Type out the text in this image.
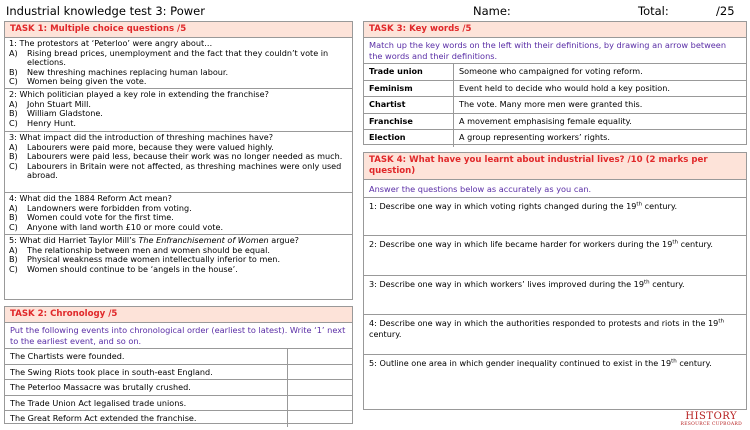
Industrial knowledge test 3: Power	Name:	Total:	/25
TASK 1: Multiple choice questions /5
1: The protestors at ‘Peterloo’ were angry about…
A)	Rising bread prices, unemployment and the fact that they couldn’t vote in elections.
B)	New threshing machines replacing human labour.
C)	Women being given the vote.
2: Which politician played a key role in extending the franchise?
A)	John Stuart Mill.
B)	William Gladstone.
C)	Henry Hunt.
3: What impact did the introduction of threshing machines have?
A)	Labourers were paid more, because they were valued highly.
B)	Labourers were paid less, because their work was no longer needed as much.
C)	Labourers in Britain were not affected, as threshing machines were only used abroad.
4: What did the 1884 Reform Act mean?
A)	Landowners were forbidden from voting.
B)	Women could vote for the first time.
C)	Anyone with land worth £10 or more could vote.
5: What did Harriet Taylor Mill’s The Enfranchisement of Women argue?
A)	The relationship between men and women should be equal.
B)	Physical weakness made women intellectually inferior to men.
C)	Women should continue to be ‘angels in the house’.
TASK 2: Chronology /5
Put the following events into chronological order (earliest to latest). Write ‘1’ next to the earliest event, and so on.
The Chartists were founded.
The Swing Riots took place in south-east England.
The Peterloo Massacre was brutally crushed.
The Trade Union Act legalised trade unions.
The Great Reform Act extended the franchise.
TASK 3: Key words /5
Match up the key words on the left with their definitions, by drawing an arrow between the words and their definitions.
Trade union	Someone who campaigned for voting reform.
Feminism	Event held to decide who would hold a key position.
Chartist	The vote. Many more men were granted this.
Franchise	A movement emphasising female equality.
Election	A group representing workers’ rights.
TASK 4: What have you learnt about industrial lives? /10 (2 marks per question)
Answer the questions below as accurately as you can.
1: Describe one way in which voting rights changed during the 19th century.
2: Describe one way in which life became harder for workers during the 19th century.
3: Describe one way in which workers’ lives improved during the 19th century.
4: Describe one way in which the authorities responded to protests and riots in the 19th century.
5: Outline one area in which gender inequality continued to exist in the 19th century.
HISTORY
RESOURCE CUPBOARD
